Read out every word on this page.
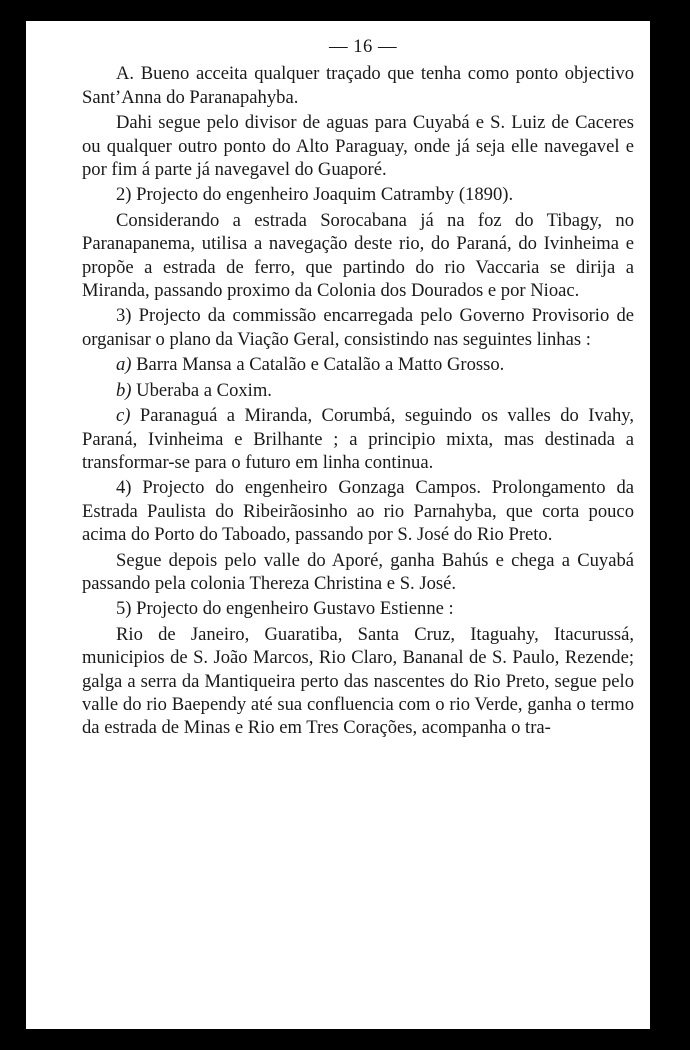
— 16 —

A. Bueno acceita qualquer traçado que tenha como ponto objectivo Sant’Anna do Paranapahyba.

Dahi segue pelo divisor de aguas para Cuyabá e S. Luiz de Caceres ou qualquer outro ponto do Alto Paraguay, onde já seja elle navegavel e por fim á parte já navegavel do Guaporé.

2) Projecto do engenheiro Joaquim Catramby (1890).

Considerando a estrada Sorocabana já na foz do Tibagy, no Paranapanema, utilisa a navegação deste rio, do Paraná, do Ivinheima e propõe a estrada de ferro, que partindo do rio Vaccaria se dirija a Miranda, passando proximo da Colonia dos Dourados e por Nioac.

3) Projecto da commissão encarregada pelo Governo Provisorio de organisar o plano da Viação Geral, consistindo nas seguintes linhas :

a) Barra Mansa a Catalão e Catalão a Matto Grosso.

b) Uberaba a Coxim.

c) Paranaguá a Miranda, Corumbá, seguindo os valles do Ivahy, Paraná, Ivinheima e Brilhante ; a principio mixta, mas destinada a transformar-se para o futuro em linha continua.

4) Projecto do engenheiro Gonzaga Campos. Prolongamento da Estrada Paulista do Ribeirãosinho ao rio Parnahyba, que corta pouco acima do Porto do Taboado, passando por S. José do Rio Preto.

Segue depois pelo valle do Aporé, ganha Bahús e chega a Cuyabá passando pela colonia Thereza Christina e S. José.

5) Projecto do engenheiro Gustavo Estienne :

Rio de Janeiro, Guaratiba, Santa Cruz, Itaguahy, Itacurussá, municipios de S. João Marcos, Rio Claro, Bananal de S. Paulo, Rezende; galga a serra da Mantiqueira perto das nascentes do Rio Preto, segue pelo valle do rio Baependy até sua confluencia com o rio Verde, ganha o termo da estrada de Minas e Rio em Tres Corações, acompanha o tra-
